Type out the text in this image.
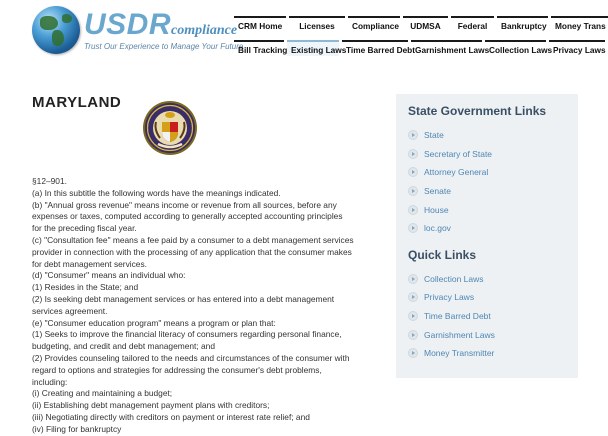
USDRcompliance
Trust Our Experience to Manage Your Future
CRM Home	Licenses	Compliance	UDMSA	Federal	Bankruptcy	Money Trans
Bill Tracking Existing Laws Time Barred Debt Garnishment Laws Collection Laws Privacy Laws
MARYLAND
§12–901.
(a) In this subtitle the following words have the meanings indicated.
(b) "Annual gross revenue" means income or revenue from all sources, before any
expenses or taxes, computed according to generally accepted accounting principles
for the preceding fiscal year.
(c) "Consultation fee" means a fee paid by a consumer to a debt management services
provider in connection with the processing of any application that the consumer makes
for debt management services.
(d) "Consumer" means an individual who:
(1) Resides in the State; and
(2) Is seeking debt management services or has entered into a debt management
services agreement.
(e) "Consumer education program" means a program or plan that:
(1) Seeks to improve the financial literacy of consumers regarding personal finance,
budgeting, and credit and debt management; and
(2) Provides counseling tailored to the needs and circumstances of the consumer with
regard to options and strategies for addressing the consumer's debt problems,
including:
(i) Creating and maintaining a budget;
(ii) Establishing debt management payment plans with creditors;
(iii) Negotiating directly with creditors on payment or interest rate relief; and
(iv) Filing for bankruptcy
State Government Links
State
Secretary of State
Attorney General
Senate
House
loc.gov
Quick Links
Collection Laws
Privacy Laws
Time Barred Debt
Garnishment Laws
Money Transmitter
